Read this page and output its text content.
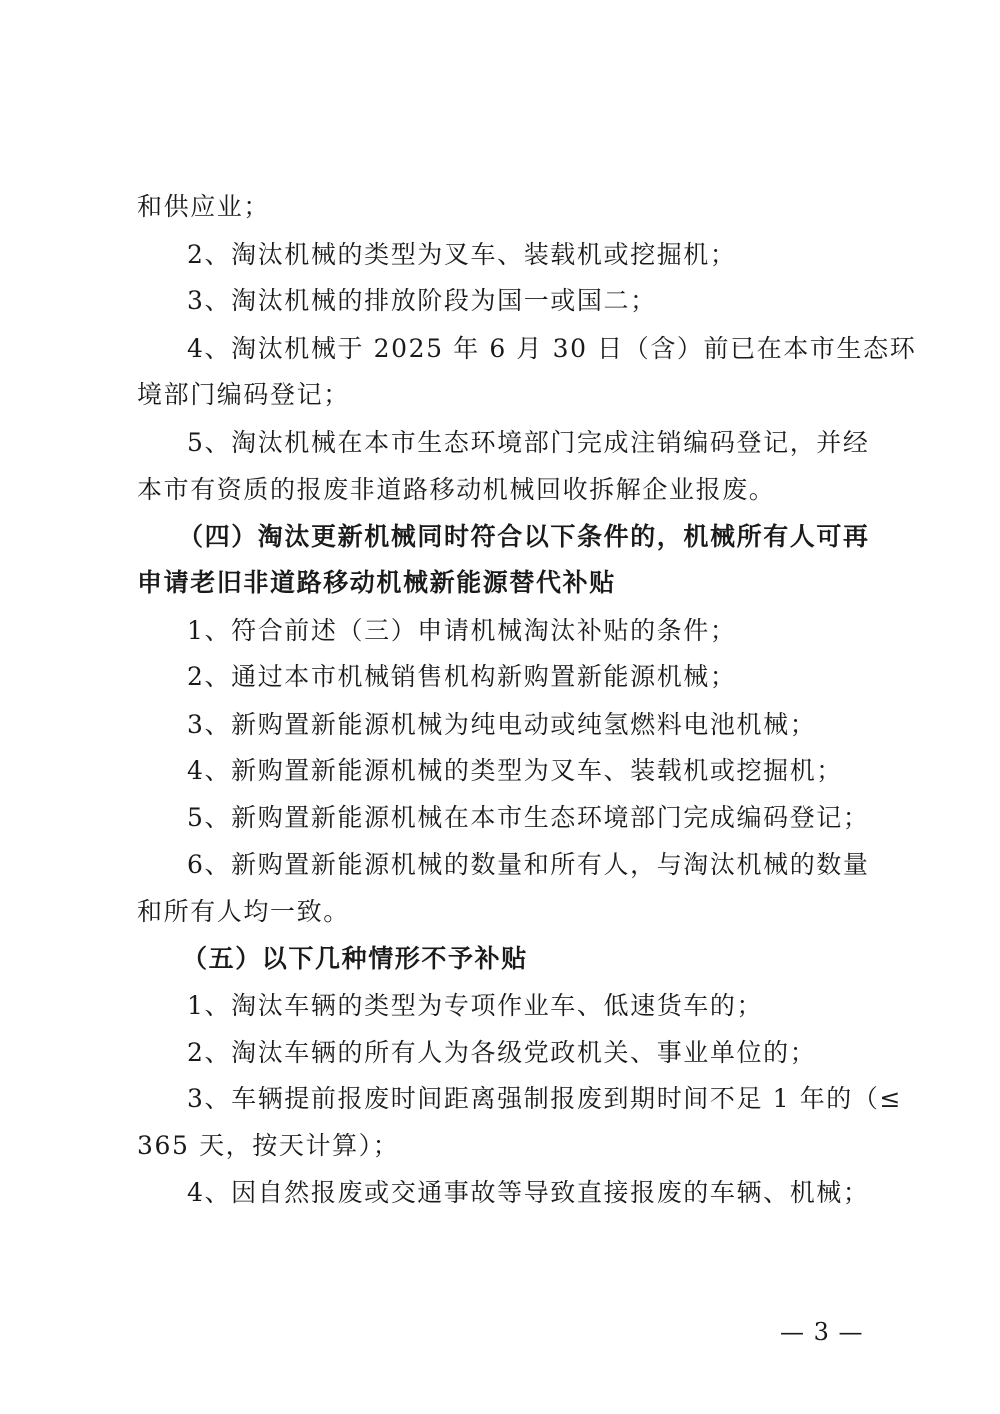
和供应业；
2、淘汰机械的类型为叉车、装载机或挖掘机；
3、淘汰机械的排放阶段为国一或国二；
4、淘汰机械于 2025 年 6 月 30 日（含）前已在本市生态环
境部门编码登记；
5、淘汰机械在本市生态环境部门完成注销编码登记，并经
本市有资质的报废非道路移动机械回收拆解企业报废。
（四）淘汰更新机械同时符合以下条件的，机械所有人可再
申请老旧非道路移动机械新能源替代补贴
1、符合前述（三）申请机械淘汰补贴的条件；
2、通过本市机械销售机构新购置新能源机械；
3、新购置新能源机械为纯电动或纯氢燃料电池机械；
4、新购置新能源机械的类型为叉车、装载机或挖掘机；
5、新购置新能源机械在本市生态环境部门完成编码登记；
6、新购置新能源机械的数量和所有人，与淘汰机械的数量
和所有人均一致。
（五）以下几种情形不予补贴
1、淘汰车辆的类型为专项作业车、低速货车的；
2、淘汰车辆的所有人为各级党政机关、事业单位的；
3、车辆提前报废时间距离强制报废到期时间不足 1 年的（≤
365 天，按天计算）；
4、因自然报废或交通事故等导致直接报废的车辆、机械；
— 3 —
